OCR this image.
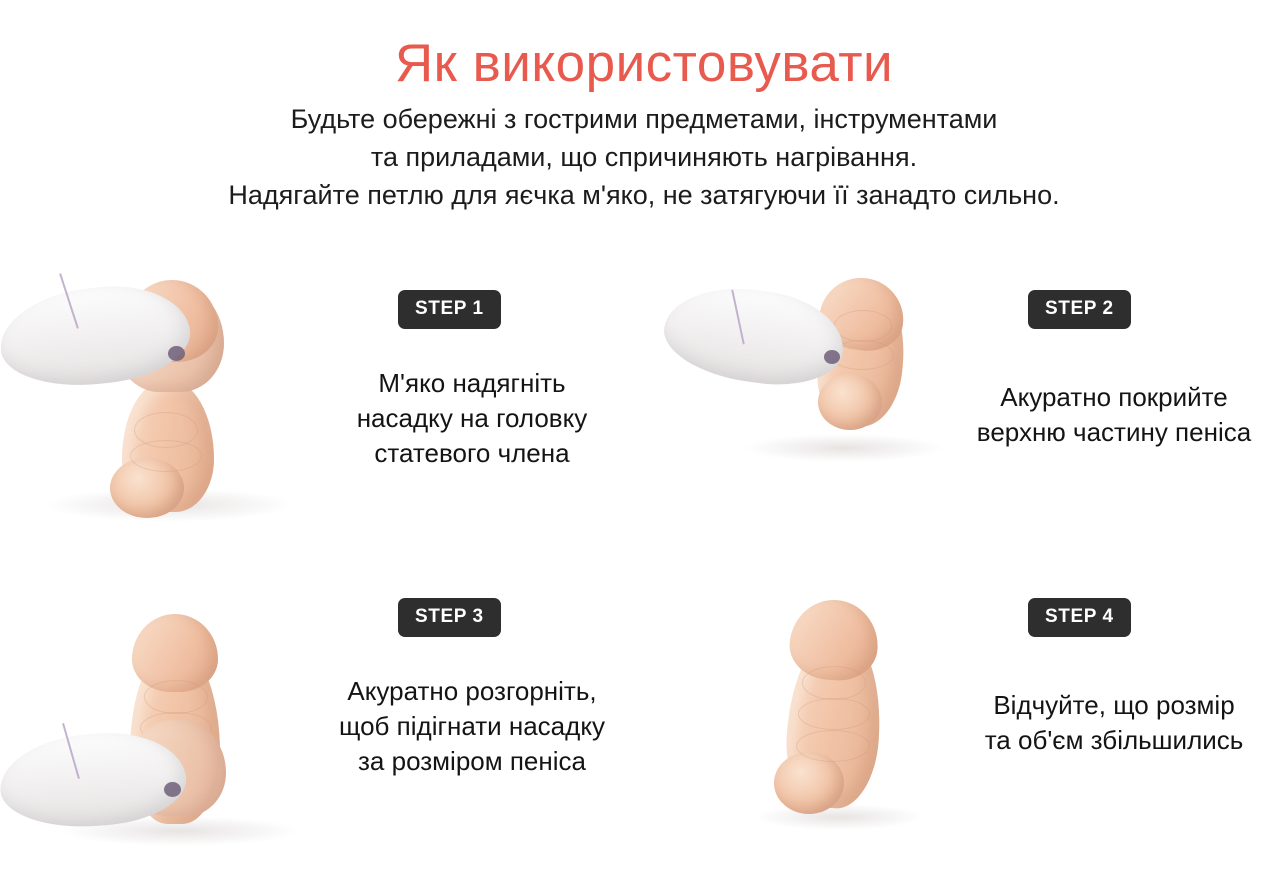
Як використовувати
Будьте обережні з гострими предметами, інструментами
та приладами, що спричиняють нагрівання.
Надягайте петлю для яєчка м'яко, не затягуючи її занадто сильно.
STEP 1
М'яко надягніть
насадку на головку
статевого члена
STEP 2
Акуратно покрийте
верхню частину пеніса
STEP 3
Акуратно розгорніть,
щоб підігнати насадку
за розміром пеніса
STEP 4
Відчуйте, що розмір
та об'єм збільшились
